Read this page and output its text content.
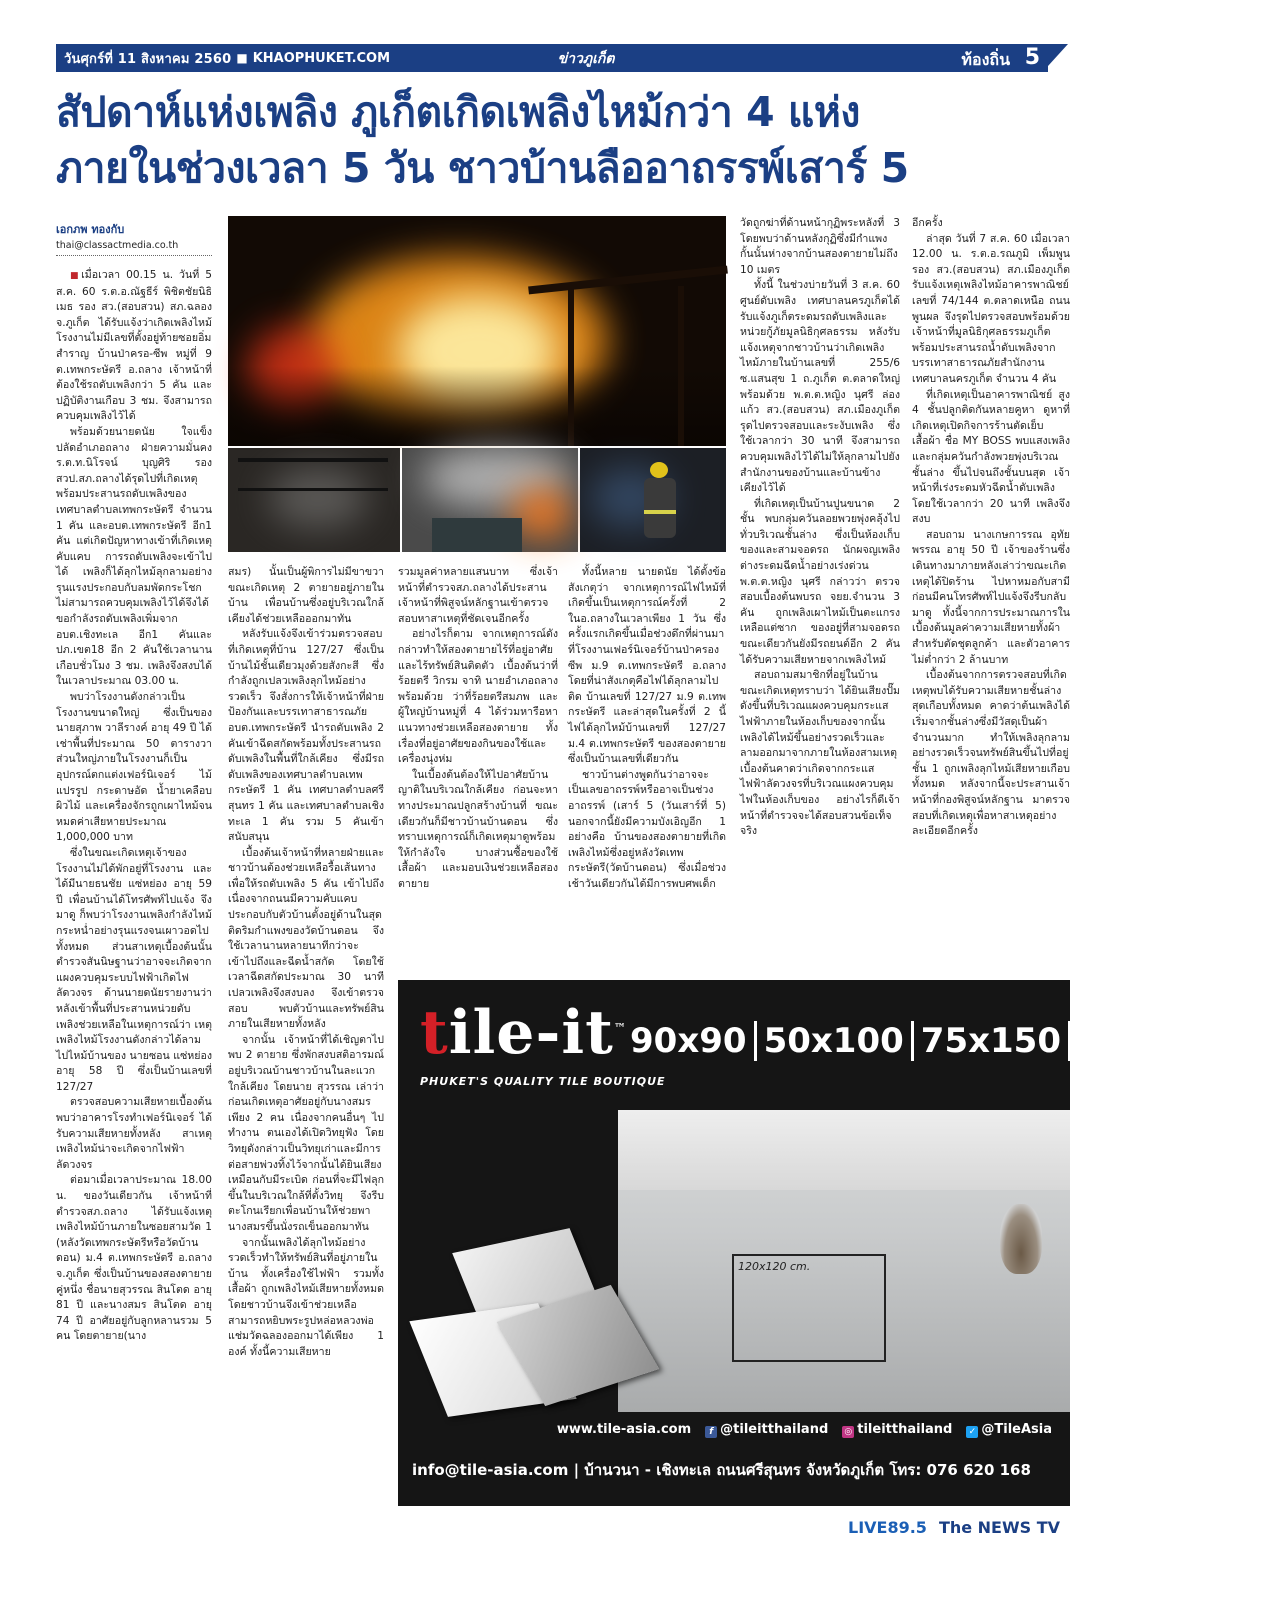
วันศุกร์ที่ 11 สิงหาคม 2560 ■ KHAOPHUKET.COM	ข่าวภูเก็ต	ท้องถิ่น 5
สัปดาห์แห่งเพลิง ภูเก็ตเกิดเพลิงไหม้กว่า 4 แห่ง
ภายในช่วงเวลา 5 วัน ชาวบ้านลืออาถรรพ์เสาร์ 5
เอกภพ ทองกับ
thai@classactmedia.co.th

■ เมื่อเวลา 00.15 น. วันที่ 5 ส.ค. 60 ร.ต.อ.ณัฐธีร์ พิชิตชัยนิธิเมธ รอง สว.(สอบสวน) สภ.ฉลอง จ.ภูเก็ต ได้รับแจ้งว่าเกิดเพลิงไหม้โรงงานไม่มีเลขที่ตั้งอยู่ท้ายซอยอิ่มสำราญ บ้านป่าครอ-ซีพ หมู่ที่ 9 ต.เทพกระษัตรี อ.ถลาง เจ้าหน้าที่ต้องใช้รถดับเพลิงกว่า 5 คัน และปฏิบัติงานเกือบ 3 ชม. จึงสามารถควบคุมเพลิงไว้ได้

พร้อมด้วยนายดนัย ใจแข็ง ปลัดอำเภอถลาง ฝ่ายความมั่นคง ร.ต.ท.นิโรจน์ บุญศิริ รอง สวป.สภ.ถลางได้รุดไปที่เกิดเหตุพร้อมประสานรถดับเพลิงของเทศบาลตำบลเทพกระษัตรี จำนวน 1 คัน และอบต.เทพกระษัตรี อีก1 คัน แต่เกิดปัญหาทางเข้าที่เกิดเหตุคับแคบ การรถดับเพลิงจะเข้าไปได้ เพลิงก็ได้ลุกไหม้ลุกลามอย่างรุนแรงประกอบกับลมพัดกระโชก ไม่สามารถควบคุมเพลิงไว้ได้จึงได้ขอกำลังรถดับเพลิงเพิ่มจาก อบต.เชิงทะเล อีก1 คันและปภ.เขต18 อีก 2 คันใช้เวลานานเกือบชั่วโมง 3 ชม. เพลิงจึงสงบได้ในเวลาประมาณ 03.00 น.

พบว่าโรงงานดังกล่าวเป็นโรงงานขนาดใหญ่ ซึ่งเป็นของ นายสุภาพ วาลีรางค์ อายุ 49 ปี ได้เช่าพื้นที่ประมาณ 50 ตารางวา ส่วนใหญ่ภายในโรงงานก็เป็นอุปกรณ์ตกแต่งเฟอร์นิเจอร์ ไม้แปรรูป กระดาษอัด น้ำยาเคลือบผิวไม้ และเครื่องจักรถูกเผาไหม้จนหมดค่าเสียหายประมาณ 1,000,000 บาท

ซึ่งในขณะเกิดเหตุเจ้าของโรงงานไม่ได้พักอยู่ที่โรงงาน และได้มีนายธนชัย แซ่หย่อง อายุ 59 ปี เพื่อนบ้านได้โทรศัพท์ไปแจ้ง จึงมาดู ก็พบว่าโรงงานเพลิงกำลังไหม้ กระหน่ำอย่างรุนแรงจนเผาวอดไปทั้งหมด ส่วนสาเหตุเบื้องต้นนั้น ตำรวจสันนิษฐานว่าอาจจะเกิดจากแผงควบคุมระบบไฟฟ้าเกิดไฟลัดวงจร ด้านนายดนัยรายงานว่าหลังเข้าพื้นที่ประสานหน่วยดับเพลิงช่วยเหลือในเหตุการณ์ว่า เหตุเพลิงไหม้โรงงานดังกล่าวได้ลามไปไหม้บ้านของ นายซอน แซ่หย่อง อายุ 58 ปี ซึ่งเป็นบ้านเลขที่ 127/27

ตรวจสอบความเสียหายเบื้องต้น พบว่าอาคารโรงทำเฟอร์นิเจอร์ ได้รับความเสียหายทั้งหลัง สาเหตุเพลิงไหม้น่าจะเกิดจากไฟฟ้าลัดวงจร

ต่อมาเมื่อเวลาประมาณ 18.00 น. ของวันเดียวกัน เจ้าหน้าที่ตำรวจสภ.ถลาง ได้รับแจ้งเหตุเพลิงไหม้บ้านภายในซอยสามวัด 1 (หลังวัดเทพกระษัตรีหรือวัดบ้านดอน) ม.4 ต.เทพกระษัตรี อ.ถลาง จ.ภูเก็ต ซึ่งเป็นบ้านของสองตายายคู่หนึ่ง ชื่อนายสุวรรณ สินโตด อายุ 81 ปี และนางสมร สินโตด อายุ 74 ปี อาศัยอยู่กับลูกหลานรวม 5 คน โดยตายาย(นาง

สมร) นั้นเป็นผู้พิการไม่มีขาขวา ขณะเกิดเหตุ 2 ตายายอยู่ภายในบ้าน เพื่อนบ้านซึ่งอยู่บริเวณใกล้เคียงได้ช่วยเหลือออกมาทัน

หลังรับแจ้งจึงเข้าร่วมตรวจสอบที่เกิดเหตุที่บ้าน 127/27 ซึ่งเป็นบ้านไม้ชั้นเดียวมุงด้วยสังกะสี ซึ่งกำลังถูกเปลวเพลิงลุกไหม้อย่างรวดเร็ว จึงสั่งการให้เจ้าหน้าที่ฝ่ายป้องกันและบรรเทาสาธารณภัย อบต.เทพกระษัตรี นำรถดับเพลิง 2 คันเข้าฉีดสกัดพร้อมทั้งประสานรถดับเพลิงในพื้นที่ใกล้เคียง ซึ่งมีรถดับเพลิงของเทศบาลตำบลเทพกระษัตรี 1 คัน เทศบาลตำบลศรีสุนทร 1 คัน และเทศบาลตำบลเชิงทะเล 1 คัน รวม 5 คันเข้าสนับสนุน

เบื้องต้นเจ้าหน้าที่หลายฝ่ายและชาวบ้านต้องช่วยเหลือรื้อเส้นทางเพื่อให้รถดับเพลิง 5 คัน เข้าไปถึง เนื่องจากถนนมีความคับแคบประกอบกับตัวบ้านตั้งอยู่ด้านในสุดติดริมกำแพงของวัดบ้านดอน จึงใช้เวลานานหลายนาทีกว่าจะเข้าไปถึงและฉีดน้ำสกัด โดยใช้เวลาฉีดสกัดประมาณ 30 นาที เปลวเพลิงจึงสงบลง จึงเข้าตรวจสอบ พบตัวบ้านและทรัพย์สินภายในเสียหายทั้งหลัง

จากนั้น เจ้าหน้าที่ได้เชิญตาไปพบ 2 ตายาย ซึ่งพักสงบสติอารมณ์อยู่บริเวณบ้านชาวบ้านในละแวกใกล้เคียง โดยนาย สุวรรณ เล่าว่า ก่อนเกิดเหตุอาศัยอยู่กับนางสมรเพียง 2 คน เนื่องจากคนอื่นๆ ไปทำงาน ตนเองได้เปิดวิทยุฟัง โดยวิทยุดังกล่าวเป็นวิทยุเก่าและมีการต่อสายพ่วงทิ้งไว้จากนั้นได้ยินเสียงเหมือนกับมีระเบิด ก่อนที่จะมีไฟลุกขึ้นในบริเวณใกล้ที่ตั้งวิทยุ จึงรีบตะโกนเรียกเพื่อนบ้านให้ช่วยพานางสมรขึ้นนั่งรถเข็นออกมาทัน

จากนั้นเพลิงได้ลุกไหม้อย่างรวดเร็วทำให้ทรัพย์สินที่อยู่ภายในบ้าน ทั้งเครื่องใช้ไฟฟ้า รวมทั้งเสื้อผ้า ถูกเพลิงไหม้เสียหายทั้งหมด โดยชาวบ้านจึงเข้าช่วยเหลือสามารถหยิบพระรูปหล่อหลวงพ่อแช่มวัดฉลองออกมาได้เพียง 1 องค์ ทั้งนี้ความเสียหาย

รวมมูลค่าหลายแสนบาท ซึ่งเจ้าหน้าที่ตำรวจสภ.ถลางได้ประสานเจ้าหน้าที่พิสูจน์หลักฐานเข้าตรวจสอบหาสาเหตุที่ชัดเจนอีกครั้ง

อย่างไรก็ตาม จากเหตุการณ์ดังกล่าวทำให้สองตายายไร้ที่อยู่อาศัย และไร้ทรัพย์สินติดตัว เบื้องต้นว่าที่ร้อยตรี วิกรม จาทิ นายอำเภอถลาง พร้อมด้วย ว่าที่ร้อยตรีสมภพ และผู้ใหญ่บ้านหมู่ที่ 4 ได้ร่วมหารือหาแนวทางช่วยเหลือสองตายาย ทั้งเรื่องที่อยู่อาศัยของกินของใช้และเครื่องนุ่งห่ม

ในเบื้องต้นต้องให้ไปอาศัยบ้านญาติในบริเวณใกล้เคียง ก่อนจะหาทางประมาณปลูกสร้างบ้านที่ ขณะเดียวกันก็มีชาวบ้านบ้านดอน ซึ่งทราบเหตุการณ์ก็เกิดเหตุมาดูพร้อมให้กำลังใจ บางส่วนซื้อของใช้ เสื้อผ้า และมอบเงินช่วยเหลือสองตายาย

ทั้งนี้หลาย นายดนัย ได้ตั้งข้อสังเกตุว่า จากเหตุการณ์ไฟไหม้ที่เกิดขึ้นเป็นเหตุการณ์ครั้งที่ 2 ในอ.ถลางในเวลาเพียง 1 วัน ซึ่งครั้งแรกเกิดขึ้นเมื่อช่วงดึกที่ผ่านมาที่โรงงานเฟอร์นิเจอร์บ้านป่าครองซีพ ม.9 ต.เทพกระษัตรี อ.ถลาง โดยที่น่าสังเกตุคือไฟได้ลุกลามไปติด บ้านเลขที่ 127/27 ม.9 ต.เทพกระษัตรี และล่าสุดในครั้งที่ 2 นี้ ไฟได้ลุกไหม้บ้านเลขที่ 127/27 ม.4 ต.เทพกระษัตรี ของสองตายายซึ่งเป็นบ้านเลขที่เดียวกัน

ชาวบ้านต่างพูดกันว่าอาจจะเป็นเลขอาถรรพ์หรืออาจเป็นช่วงอาถรรพ์ (เสาร์ 5 (วันเสาร์ที่ 5) นอกจากนี้ยังมีความบังเอิญอีก 1 อย่างคือ บ้านของสองตายายที่เกิดเพลิงไหม้ซึ่งอยู่หลังวัดเทพกระษัตรี(วัดบ้านดอน) ซึ่งเมื่อช่วงเช้าวันเดียวกันได้มีการพบศพเด็ก

วัดถูกฆ่าที่ด้านหน้ากุฏิพระหลังที่ 3 โดยพบว่าด้านหลังกุฏิซึ่งมีกำแพงกั้นนั้นห่างจากบ้านสองตายายไม่ถึง 10 เมตร

ทั้งนี้ ในช่วงบ่ายวันที่ 3 ส.ค. 60 ศูนย์ดับเพลิง เทศบาลนครภูเก็ตได้รับแจ้งภูเก็ตระดมรถดับเพลิงและหน่วยกู้ภัยมูลนิธิกุศลธรรม หลังรับแจ้งเหตุจากชาวบ้านว่าเกิดเพลิงไหม้ภายในบ้านเลขที่ 255/6 ซ.แสนสุข 1 ถ.ภูเก็ต ต.ตลาดใหญ่ พร้อมด้วย พ.ต.ต.หญิง นุศรี ล่องแก้ว สว.(สอบสวน) สภ.เมืองภูเก็ตรุดไปตรวจสอบและระงับเพลิง ซึ่งใช้เวลากว่า 30 นาที จึงสามารถควบคุมเพลิงไว้ได้ไม่ให้ลุกลามไปยังสำนักงานของบ้านและบ้านข้างเคียงไว้ได้

ที่เกิดเหตุเป็นบ้านปูนขนาด 2 ชั้น พบกลุ่มควันลอยพวยพุ่งคลุ้งไปทั่วบริเวณชั้นล่าง ซึ่งเป็นห้องเก็บของและสามจอดรถ นักผจญเพลิงต่างระดมฉีดน้ำอย่างเร่งด่วน พ.ต.ต.หญิง นุศรี กล่าวว่า ตรวจสอบเบื้องต้นพบรถ จยย.จำนวน 3 คัน ถูกเพลิงเผาไหม้เป็นตะแกรงเหลือแต่ซาก ของอยู่ที่สามจอดรถขณะเดียวกันยังมีรถยนต์อีก 2 คันได้รับความเสียหายจากเพลิงไหม้

สอบถามสมาชิกที่อยู่ในบ้านขณะเกิดเหตุทราบว่า ได้ยินเสียงปั๊มดังขึ้นที่บริเวณแผงควบคุมกระแสไฟฟ้าภายในห้องเก็บของจากนั้นเพลิงได้ไหม้ขึ้นอย่างรวดเร็วและลามออกมาจากภายในห้องสามเหตุเบื้องต้นคาดว่าเกิดจากกระแสไฟฟ้าลัดวงจรที่บริเวณแผงควบคุมไฟในห้องเก็บของ อย่างไรก็ดีเจ้าหน้าที่ตำรวจจะได้สอบสวนข้อเท็จจริง

อีกครั้ง

ล่าสุด วันที่ 7 ส.ค. 60 เมื่อเวลา 12.00 น. ร.ต.อ.รณภูมิ เพ็มพูน รอง สว.(สอบสวน) สภ.เมืองภูเก็ต รับแจ้งเหตุเพลิงไหม้อาคารพาณิชย์ เลขที่ 74/144 ต.ตลาดเหนือ ถนนพูนผล จึงรุดไปตรวจสอบพร้อมด้วย เจ้าหน้าที่มูลนิธิกุศลธรรมภูเก็ต พร้อมประสานรถน้ำดับเพลิงจากบรรเทาสาธารณภัยสำนักงานเทศบาลนครภูเก็ต จำนวน 4 คัน

ที่เกิดเหตุเป็นอาคารพาณิชย์ สูง 4 ชั้นปลูกติดกันหลายคูหา ดูหาที่เกิดเหตุเปิดกิจการร้านตัดเย็บเสื้อผ้า ชื่อ MY BOSS พบแสงเพลิงและกลุ่มควันกำลังพวยพุ่งบริเวณชั้นล่าง ขึ้นไปจนถึงชั้นบนสุด เจ้าหน้าที่เร่งระดมหัวฉีดน้ำดับเพลิง โดยใช้เวลากว่า 20 นาที เพลิงจึงสงบ

สอบถาม นางเกษการรณ อุทัยพรรณ อายุ 50 ปี เจ้าของร้านซึ่งเดินทางมาภายหลังเล่าว่าขณะเกิดเหตุได้ปิดร้าน ไปหาหมอกับสามีก่อนมีคนโทรศัพท์ไปแจ้งจึงรีบกลับมาดู ทั้งนี้จากการประมาณการในเบื้องต้นมูลค่าความเสียหายทั้งผ้าสำหรับตัดชุดลูกค้า และตัวอาคารไม่ต่ำกว่า 2 ล้านบาท

เบื้องต้นจากการตรวจสอบที่เกิดเหตุพบได้รับความเสียหายชั้นล่างสุดเกือบทั้งหมด คาดว่าต้นเพลิงได้เริ่มจากชั้นล่างซึ่งมีวัสดุเป็นผ้าจำนวนมาก ทำให้เพลิงลุกลามอย่างรวดเร็วจนทรัพย์สินขึ้นไปที่อยู่ชั้น 1 ถูกเพลิงลุกไหม้เสียหายเกือบทั้งหมด หลังจากนี้จะประสานเจ้าหน้าที่กองพิสูจน์หลักฐาน มาตรวจสอบที่เกิดเหตุเพื่อหาสาเหตุอย่างละเอียดอีกครั้ง

tile-it™
PHUKET'S QUALITY TILE BOUTIQUE
90x90 50x100 75x150 120x120
120x120 cm.
www.tile-asia.com	f @tileitthailand ◎ tileitthailand ✓ @TileAsia
info@tile-asia.com | บ้านวนา - เชิงทะเล ถนนศรีสุนทร จังหวัดภูเก็ต โทร: 076 620 168
LIVE89.5 The NEWS TV
